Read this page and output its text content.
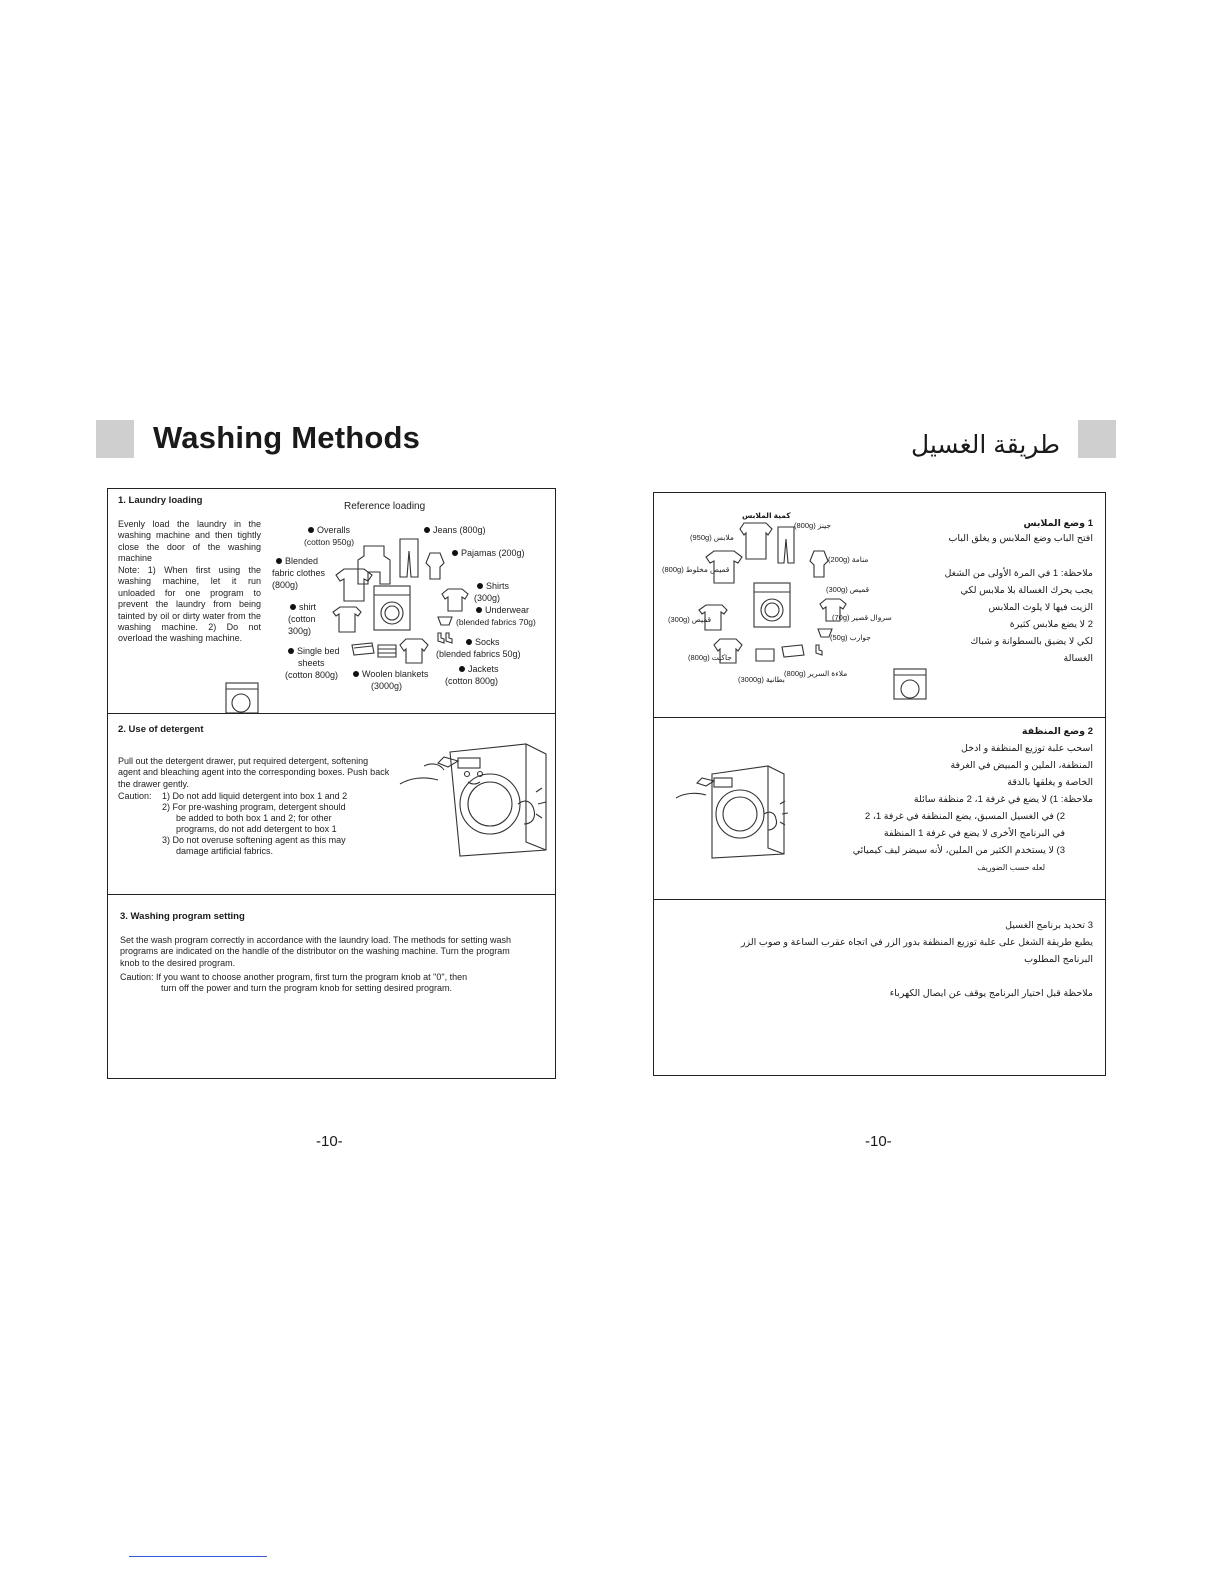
Washing Methods	طريقة الغسيل
1. Laundry loading
Evenly load the laundry in the washing machine and then tightly close the door of the washing machine
Note: 1) When first using the washing machine, let it run unloaded for one program to prevent the laundry from being tainted by oil or dirty water from the washing machine. 2) Do not overload the washing machine.
Reference loading
Overalls
(cotton 950g)
Jeans (800g)
Pajamas (200g)
Blended
fabric clothes
(800g)	Shirts
(300g)
shirt
(cotton
300g)
Underwear
(blended fabrics 70g)
Socks
(blended fabrics 50g)
Single bed
sheets
(cotton 800g)
Jackets
(cotton 800g)
Woolen blankets
(3000g)
2. Use of detergent
Pull out the detergent drawer, put required detergent, softening agent and bleaching agent into the corresponding boxes. Push back the drawer gently.
Caution: 1) Do not add liquid detergent into box 1 and 2
2) For pre-washing program, detergent should
be added to both box 1 and 2; for other
programs, do not add detergent to box 1
3) Do not overuse softening agent as this may
damage artificial fabrics.
3. Washing program setting
Set the wash program correctly in accordance with the laundry load. The methods for setting wash programs are indicated on the handle of the distributor on the washing machine. Turn the program knob to the desired program.
Caution: If you want to choose another program, first turn the program knob at "0", then
turn off the power and turn the program knob for setting desired program.
1 وضع الملابس
افتح الباب وضع الملابس و يغلق الباب
ملاحظة: 1 في المرة الأولى من الشغل
يجب يحرك الغسالة بلا ملابس لكي
الزيت فيها لا يلوث الملابس
2 لا يضع ملابس كثيرة
لكي لا يضيق بالسطوانة و شباك
الغسالة
كمية الملابس
جينز (800g)
ملابس (950g)
منامة (200g)
قميص مخلوط (800g)
قميص (300g)
سروال قصير (70g)
قميص (300g)
جوارب (50g)
جاكيت (800g)
بطانية (3000g)
ملاءة السرير (800g)
2 وضع المنظفة
اسحب علبة توزيع المنظفة و ادخل
المنظفة، الملين و المبيض في الغرفة
الخاصة و يغلقها بالدقة
ملاحظة: 1) لا يضع في غرفة 1، 2 منظفة سائلة
2) في الغسيل المسبق، يضع المنظفة في غرفة 1، 2
في البرنامج الأخرى لا يضع في غرفة 1 المنظفة
3) لا يستخدم الكثير من الملين، لأنه سيضر ليف كيميائي
لعله حسب الضوريف
3 تحديد برنامج الغسيل
يطبع طريقة الشغل على علبة توزيع المنظفة بدور الزر في اتجاه عقرب الساعة و صوب الزر
البرنامج المطلوب
ملاحظة قبل اختيار البرنامج يوقف عن ايصال الكهرباء
-10-	-10-
